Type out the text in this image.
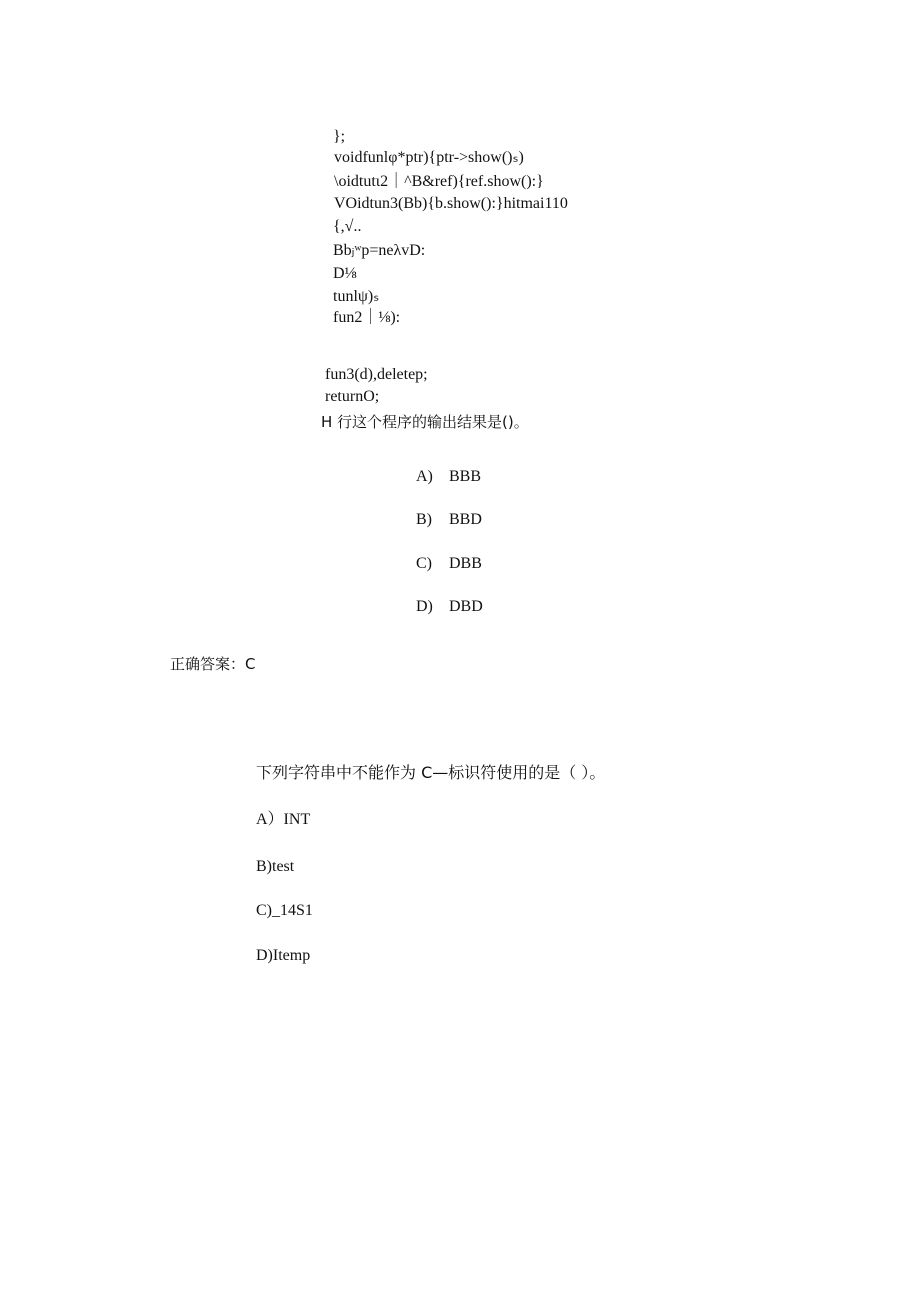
};
voidfunlφ*ptr){ptr->show()ₛ)
\oidtutι2｜^B&ref){ref.show():}
VOidtun3(Bb){b.show():}hitmai110
{,√..
Bbⱼʷp=neλvD:
D⅛
tunlψ)ₛ
fun2｜⅛):
fun3(d),deletep;
returnO;
H 行这个程序的输出结果是()。
A) BBB
B) BBD
C) DBB
D) DBD
正确答案：C
下列字符串中不能作为 C—标识符使用的是（ ）。
A）INT
B)test
C)_14S1
D)Itemp
